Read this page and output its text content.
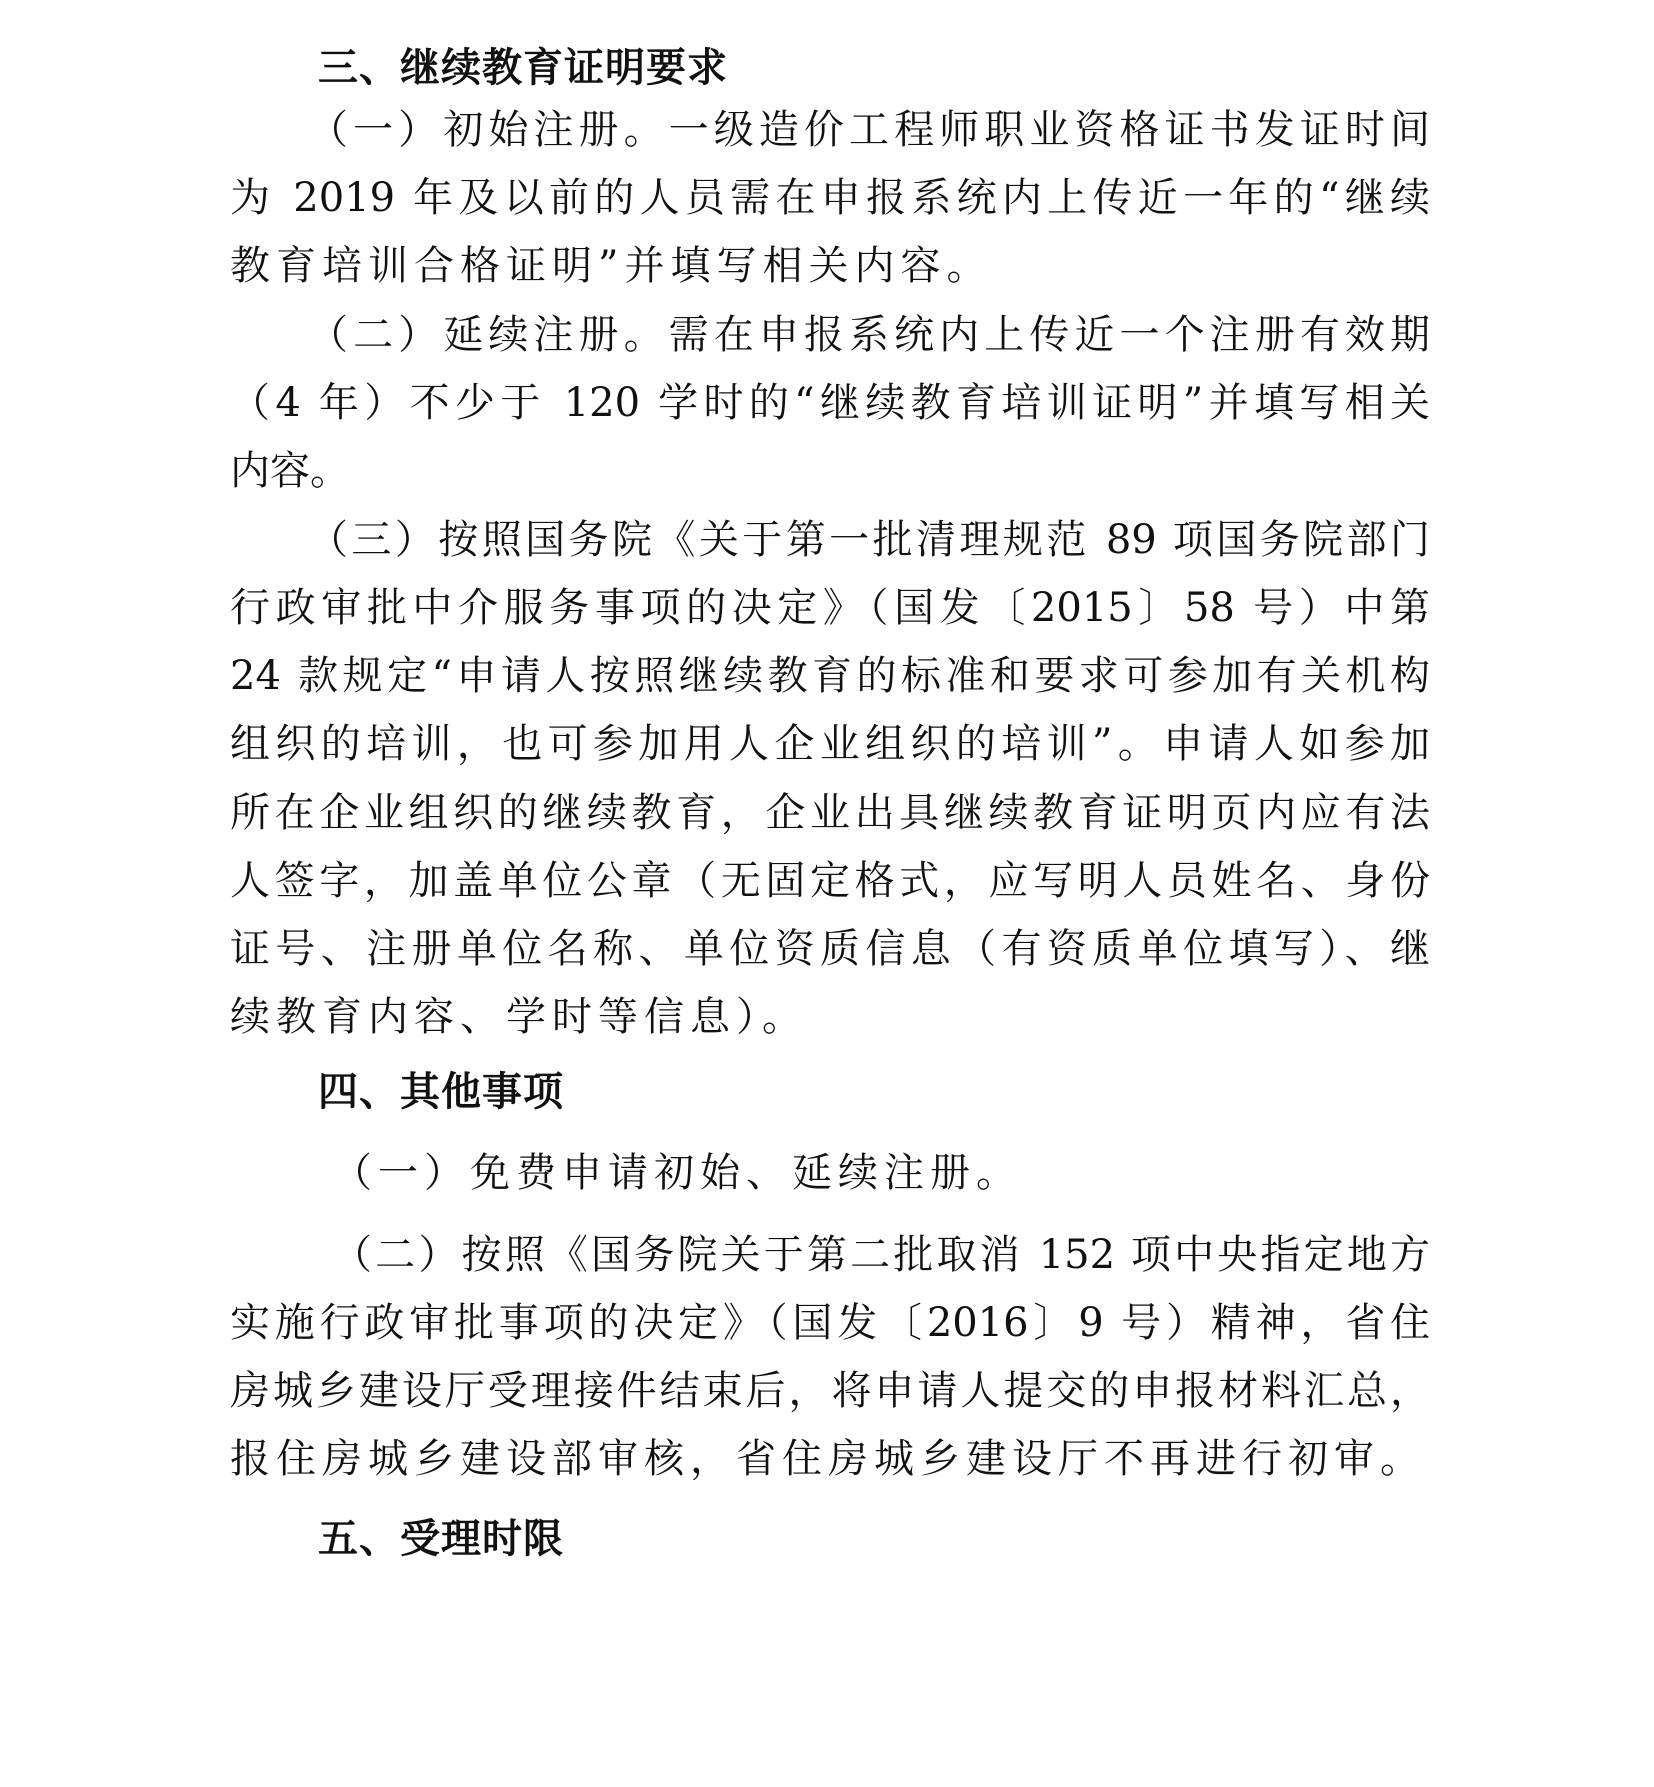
三、继续教育证明要求
（一）初始注册。一级造价工程师职业资格证书发证时间
为 2019 年及以前的人员需在申报系统内上传近一年的“继续
教育培训合格证明”并填写相关内容。
（二）延续注册。需在申报系统内上传近一个注册有效期
（4 年）不少于 120 学时的“继续教育培训证明”并填写相关
内容。
（三）按照国务院《关于第一批清理规范 89 项国务院部门
行政审批中介服务事项的决定》（国发〔2015〕58 号）中第
24 款规定“申请人按照继续教育的标准和要求可参加有关机构
组织的培训，也可参加用人企业组织的培训”。申请人如参加
所在企业组织的继续教育，企业出具继续教育证明页内应有法
人签字，加盖单位公章（无固定格式，应写明人员姓名、身份
证号、注册单位名称、单位资质信息（有资质单位填写）、继
续教育内容、学时等信息）。
四、其他事项
（一）免费申请初始、延续注册。
（二）按照《国务院关于第二批取消 152 项中央指定地方
实施行政审批事项的决定》（国发〔2016〕9 号）精神，省住
房城乡建设厅受理接件结束后，将申请人提交的申报材料汇总，
报住房城乡建设部审核，省住房城乡建设厅不再进行初审。
五、受理时限
